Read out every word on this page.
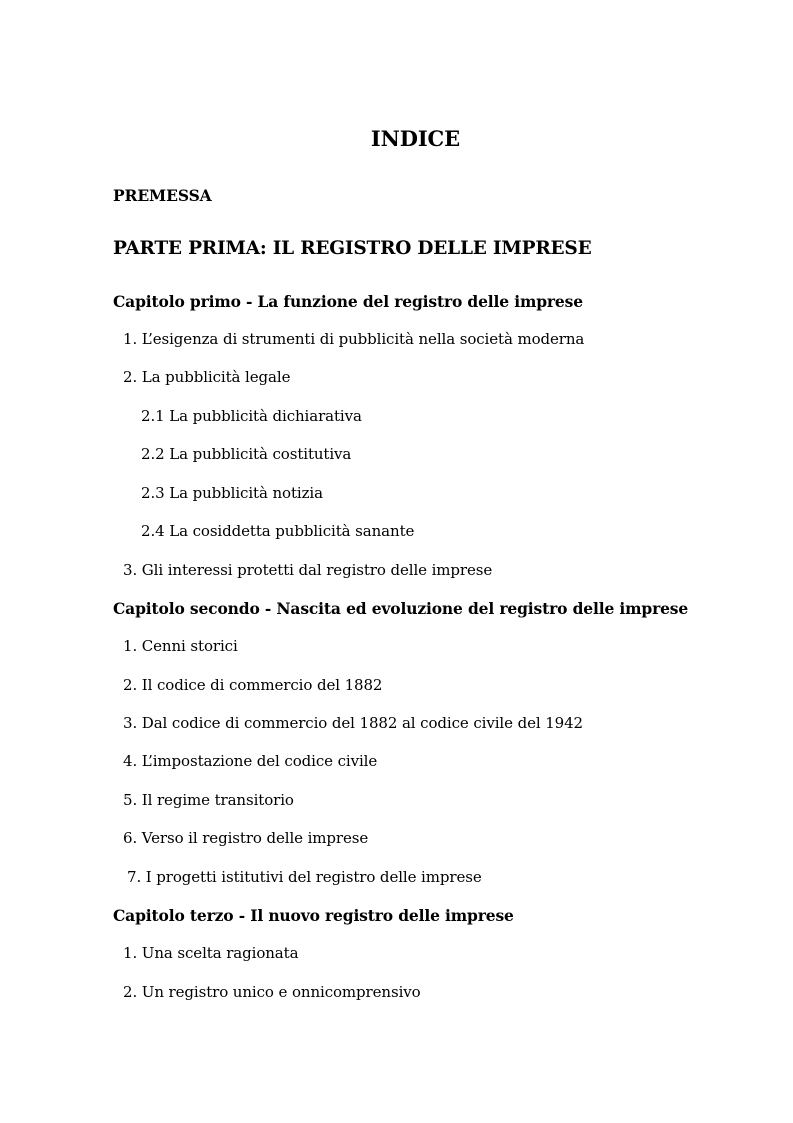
INDICE
PREMESSA
PARTE PRIMA: IL REGISTRO DELLE IMPRESE
Capitolo primo - La funzione del registro delle imprese
1. L’esigenza di strumenti di pubblicità nella società moderna
2. La pubblicità legale
2.1 La pubblicità dichiarativa
2.2 La pubblicità costitutiva
2.3 La pubblicità notizia
2.4 La cosiddetta pubblicità sanante
3. Gli interessi protetti dal registro delle imprese
Capitolo secondo - Nascita ed evoluzione del registro delle imprese
1. Cenni storici
2. Il codice di commercio del 1882
3. Dal codice di commercio del 1882 al codice civile del 1942
4. L’impostazione del codice civile
5. Il regime transitorio
6. Verso il registro delle imprese
7. I progetti istitutivi del registro delle imprese
Capitolo terzo - Il nuovo registro delle imprese
1. Una scelta ragionata
2. Un registro unico e onnicomprensivo
